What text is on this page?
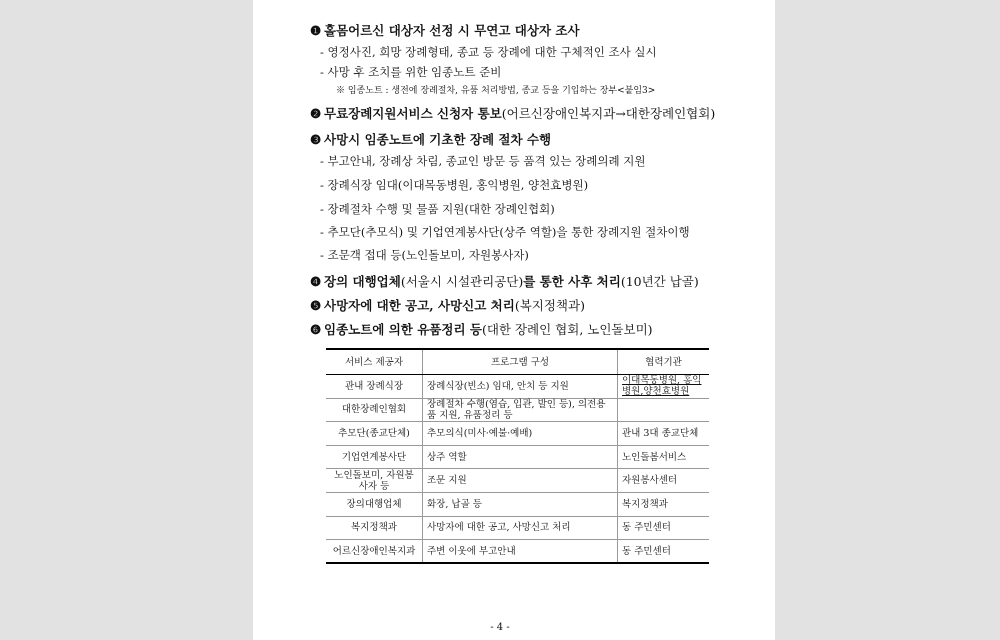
❶ 홀몸어르신 대상자 선정 시 무연고 대상자 조사
- 영정사진, 희망 장례형태, 종교 등 장례에 대한 구체적인 조사 실시
- 사망 후 조치를 위한 임종노트 준비
※ 임종노트 : 생전에 장례절차, 유품 처리방법, 종교 등을 기입하는 장부<붙임3>
❷ 무료장례지원서비스 신청자 통보(어르신장애인복지과→대한장례인협회)
❸ 사망시 임종노트에 기초한 장례 절차 수행
- 부고안내, 장례상 차림, 종교인 방문 등 품격 있는 장례의례 지원
- 장례식장 임대(이대목동병원, 홍익병원, 양천효병원)
- 장례절차 수행 및 물품 지원(대한 장례인협회)
- 추모단(추모식) 및 기업연계봉사단(상주 역할)을 통한 장례지원 절차이행
- 조문객 접대 등(노인돌보미, 자원봉사자)
❹ 장의 대행업체(서울시 시설관리공단)를 통한 사후 처리(10년간 납골)
❺ 사망자에 대한 공고, 사망신고 처리(복지정책과)
❻ 임종노트에 의한 유품정리 등(대한 장례인 협회, 노인돌보미)
서비스 제공자	프로그램 구성	협력기관
관내 장례식장	장례식장(빈소) 임대, 안치 등 지원	이대목동병원, 홍익병원,양천효병원
대한장례인협회	장례절차 수행(염습, 입관, 발인 등), 의전용품 지원, 유품정리 등	
추모단(종교단체)	추모의식(미사·예불·예배)	관내 3대 종교단체
기업연계봉사단	상주 역할	노인돌봄서비스
노인돌보미, 자원봉사자 등	조문 지원	자원봉사센터
장의대행업체	화장, 납골 등	복지정책과
복지정책과	사망자에 대한 공고, 사망신고 처리	동 주민센터
어르신장애인복지과	주변 이웃에 부고안내	동 주민센터
- 4 -
